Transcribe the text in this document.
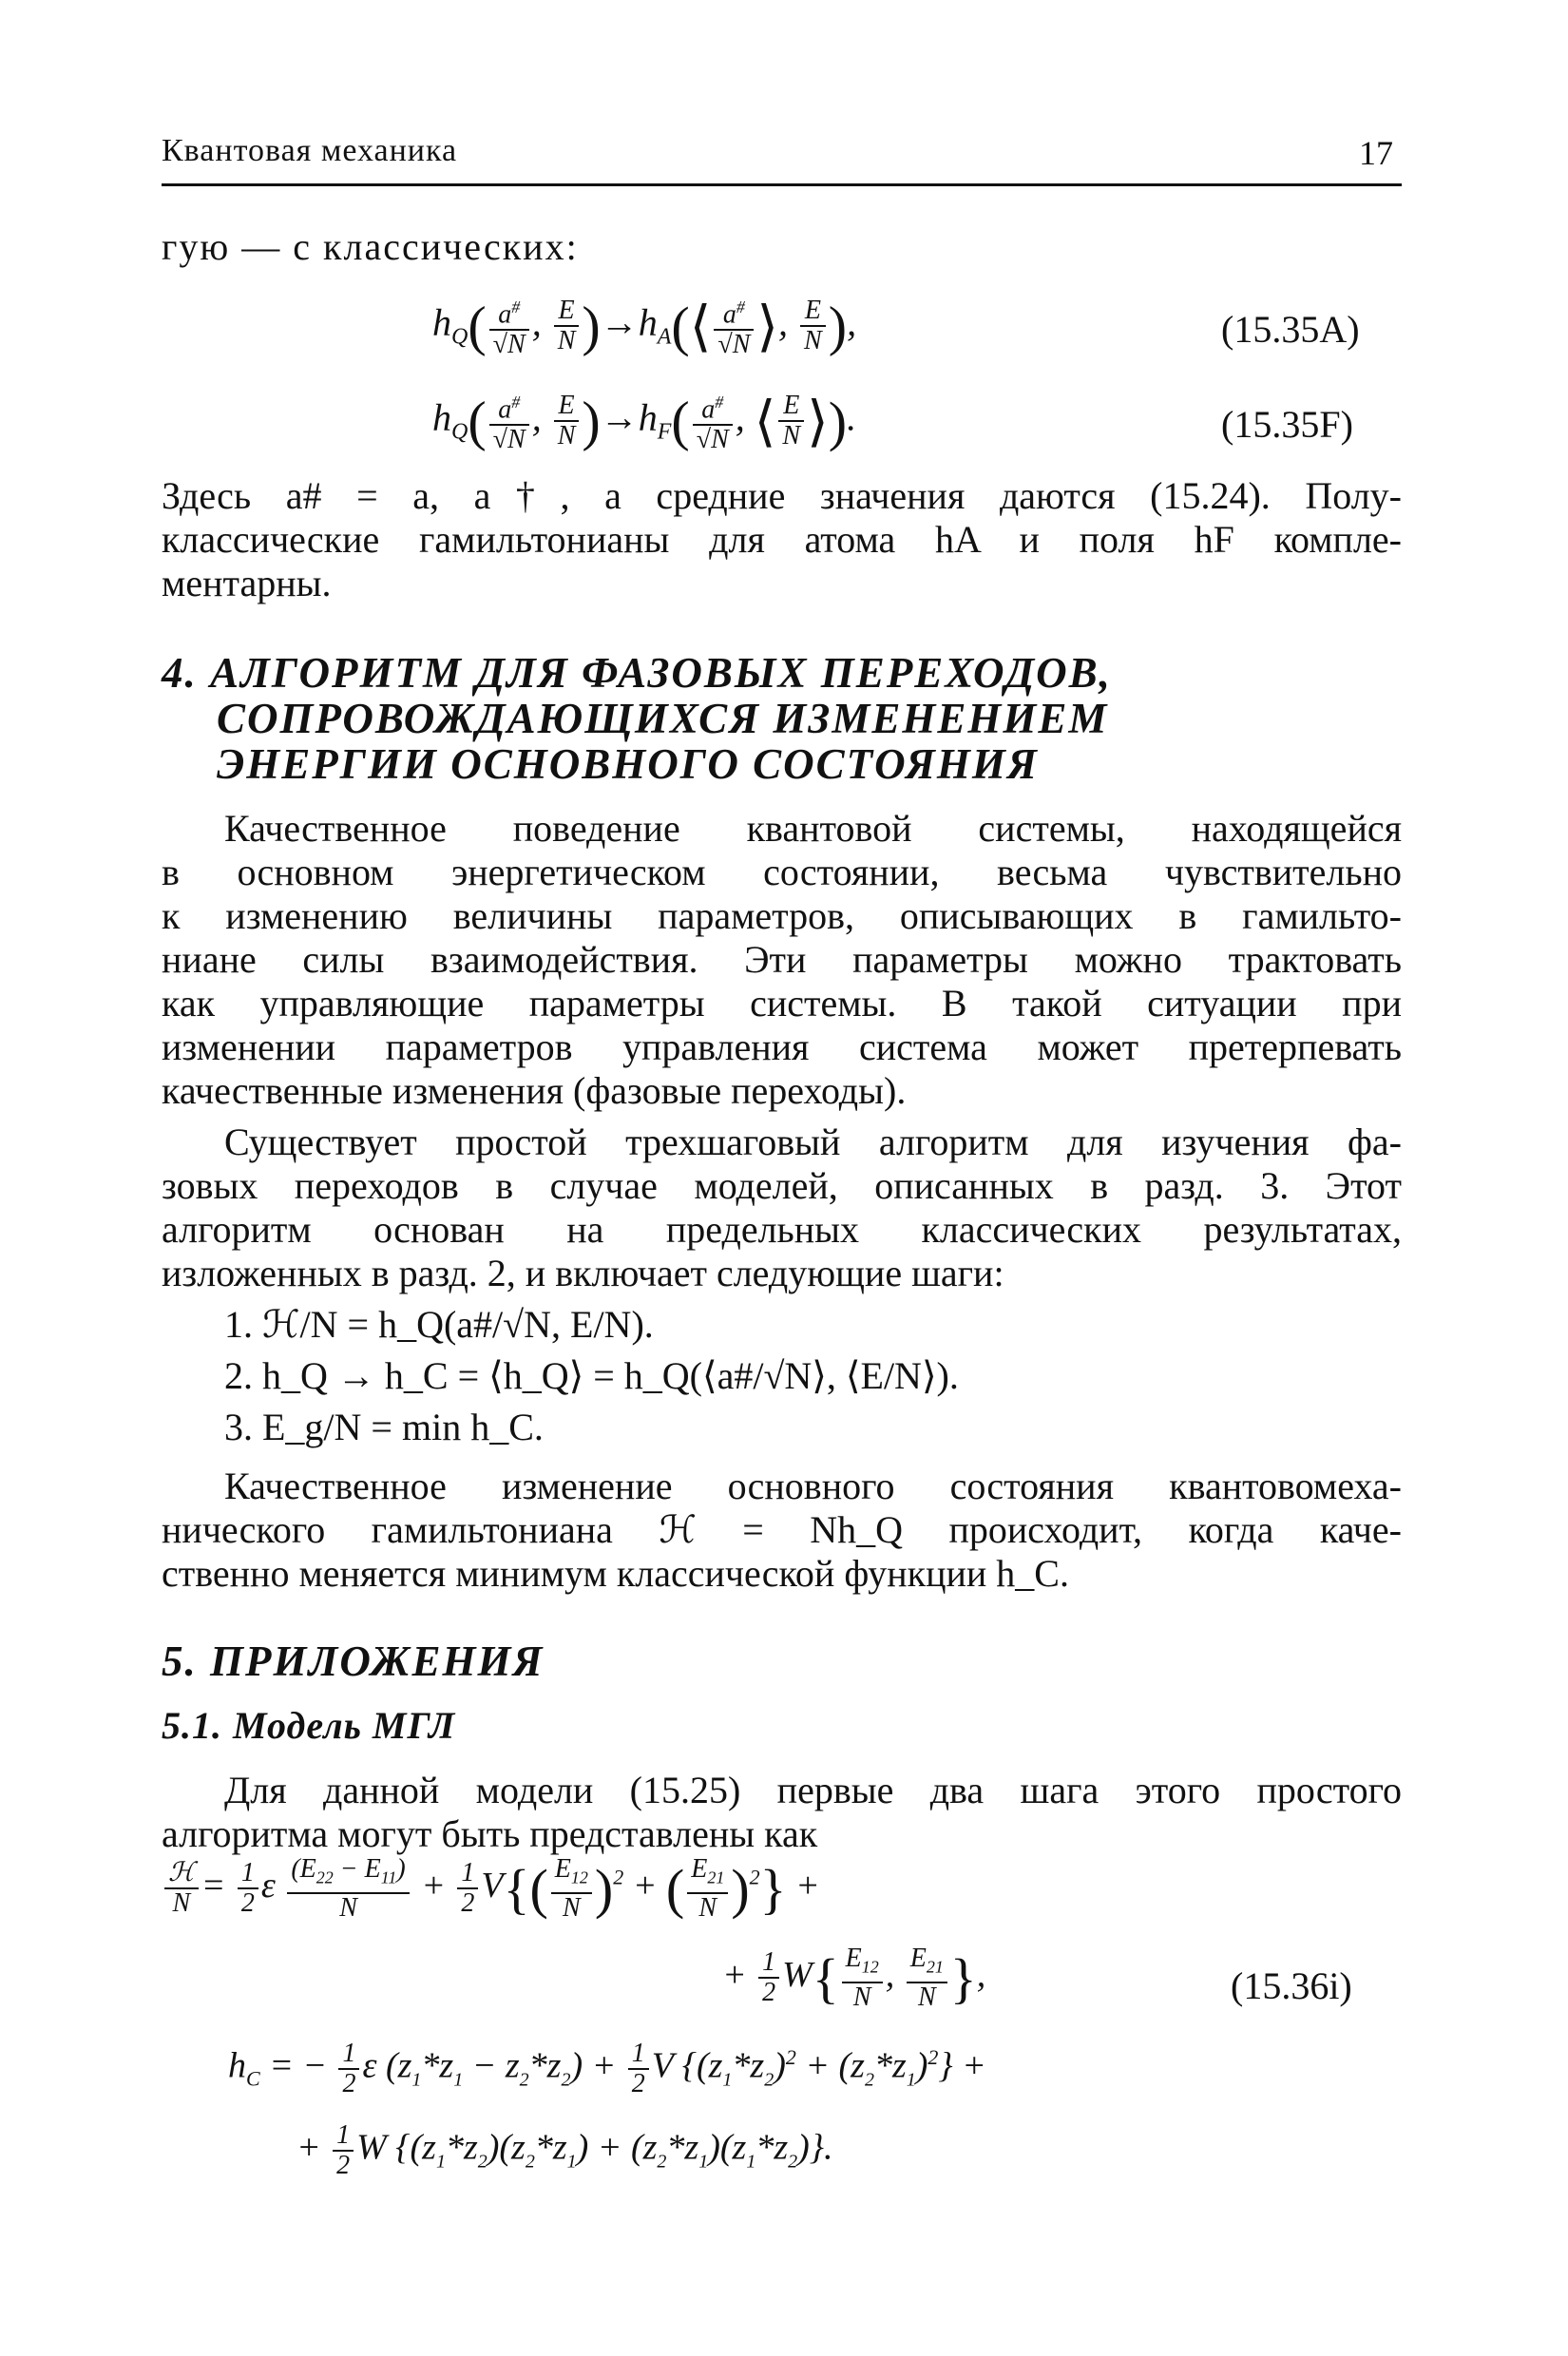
Квантовая механика	17
гую — с классических:
$h_Q( \frac{a^{\#}}{√N}$ , $\frac{E}{N}$ )$\to h_A(⟨ \frac{a^{\#}}{√N}$ ⟩, $\frac{E}{N}$ ),	(15.35A)
$h_Q( \frac{a^{\#}}{√N}$ , $\frac{E}{N} )\to h_F( \frac{a^{\#}}{√N}$ , ⟨ $\frac{E}{N}$ ⟩).	(15.35F)
Здесь a# = a, a†, а средние значения даются (15.24). Полу-
классические гамильтонианы для атома hA и поля hF компле-
ментарны.
4. АЛГОРИТМ ДЛЯ ФАЗОВЫХ ПЕРЕХОДОВ,
СОПРОВОЖДАЮЩИХСЯ ИЗМЕНЕНИЕМ
ЭНЕРГИИ ОСНОВНОГО СОСТОЯНИЯ
Качественное поведение квантовой системы, находящейся
в основном энергетическом состоянии, весьма чувствительно
к изменению величины параметров, описывающих в гамильто-
ниане силы взаимодействия. Эти параметры можно трактовать
как управляющие параметры системы. В такой ситуации при
изменении параметров управления система может претерпевать
качественные изменения (фазовые переходы).
Существует простой трехшаговый алгоритм для изучения фа-
зовых переходов в случае моделей, описанных в разд. 3. Этот
алгоритм основан на предельных классических результатах,
изложенных в разд. 2, и включает следующие шаги:
1. ℋ/N = h_Q(a#/√N, E/N).
2. h_Q → h_C = ⟨h_Q⟩ = h_Q(⟨a#/√N⟩, ⟨E/N⟩).
3. E_g/N = min h_C.
Качественное изменение основного состояния квантовомеха-
нического гамильтониана ℋ = Nh_Q происходит, когда каче-
ственно меняется минимум классической функции h_C.
5. ПРИЛОЖЕНИЯ
5.1. Модель МГЛ
Для данной модели (15.25) первые два шага этого простого
алгоритма могут быть представлены как
$\frac{\text{ℋ}}{N} = \frac{1}{2}$ ε $\frac{(E_{22} - E_{11})}{N} + \frac{1}{2} V\{( \frac{E_{12}}{N} )^2$ + ( $\frac{E_{21}}{N} )^2$} +
+ $\frac{1}{2} W\{ \frac{E_{12}}{N}$ , $\frac{E_{21}}{N}$ },	(15.36i)
$h_C$ = − $\frac{1}{2}$ ε $(z_1*z_1 - z_2*z_2) + \frac{1}{2}$ V $\{(z_1*z_2)^2 + (z_2*z_1)^2\}$ +
+ $\frac{1}{2}$ W $\{(z_1*z_2)(z_2*z_1) + (z_2*z_1)(z_1*z_2)\}$.
